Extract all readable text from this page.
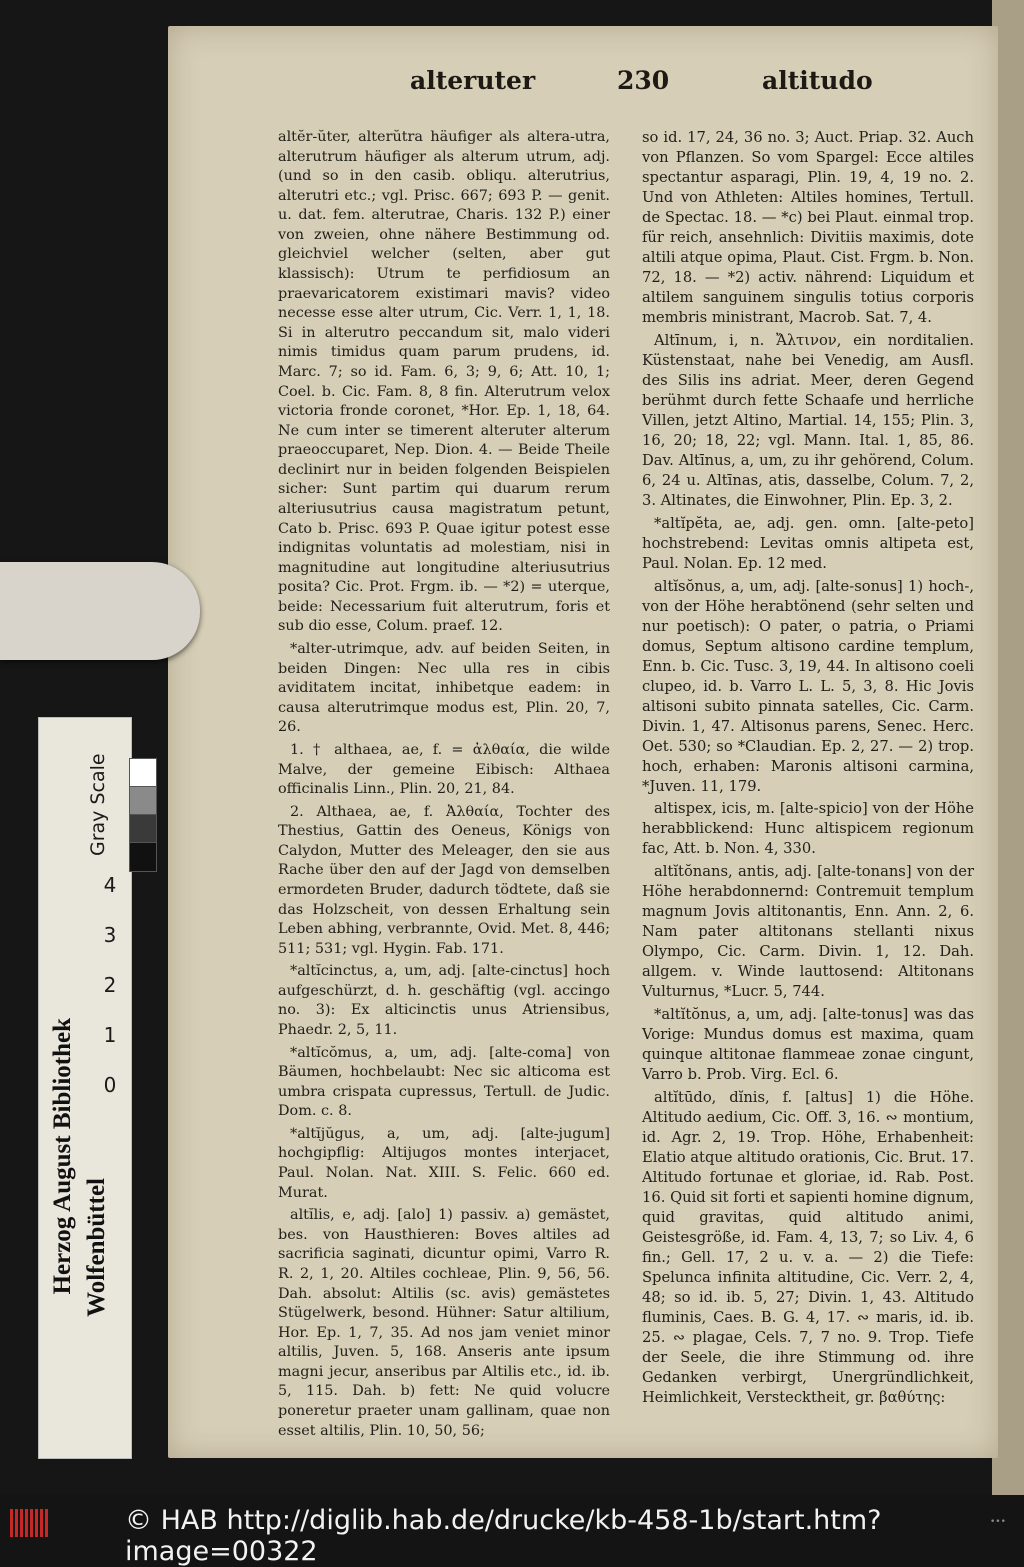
alteruter	230	altitudo

altĕr-ŭter, alterŭtra häufiger als altera-utra, alterutrum häufiger als alterum utrum, adj. (und so in den casib. obliqu. alterutrius, alterutri etc.; vgl. Prisc. 667; 693 P. — genit. u. dat. fem. alterutrae, Charis. 132 P.) einer von zweien, ohne nähere Bestimmung od. gleichviel welcher (selten, aber gut klassisch): Utrum te perfidiosum an praevaricatorem existimari mavis? video necesse esse alter utrum, Cic. Verr. 1, 1, 18. Si in alterutro peccandum sit, malo videri nimis timidus quam parum prudens, id. Marc. 7; so id. Fam. 6, 3; 9, 6; Att. 10, 1; Coel. b. Cic. Fam. 8, 8 fin. Alterutrum velox victoria fronde coronet, *Hor. Ep. 1, 18, 64. Ne cum inter se timerent alteruter alterum praeoccuparet, Nep. Dion. 4. — Beide Theile declinirt nur in beiden folgenden Beispielen sicher: Sunt partim qui duarum rerum alteriusutrius causa magistratum petunt, Cato b. Prisc. 693 P. Quae igitur potest esse indignitas voluntatis ad molestiam, nisi in magnitudine aut longitudine alteriusutrius posita? Cic. Prot. Frgm. ib. — *2) = uterque, beide: Necessarium fuit alterutrum, foris et sub dio esse, Colum. praef. 12.

*alter-utrimque, adv. auf beiden Seiten, in beiden Dingen: Nec ulla res in cibis aviditatem incitat, inhibetque eadem: in causa alterutrimque modus est, Plin. 20, 7, 26.

1. † althaea, ae, f. = ἀλθαία, die wilde Malve, der gemeine Eibisch: Althaea officinalis Linn., Plin. 20, 21, 84.

2. Althaea, ae, f. Ἀλθαία, Tochter des Thestius, Gattin des Oeneus, Königs von Calydon, Mutter des Meleager, den sie aus Rache über den auf der Jagd von demselben ermordeten Bruder, dadurch tödtete, daß sie das Holzscheit, von dessen Erhaltung sein Leben abhing, verbrannte, Ovid. Met. 8, 446; 511; 531; vgl. Hygin. Fab. 171.

*altĭcinctus, a, um, adj. [alte-cinctus] hoch aufgeschürzt, d. h. geschäftig (vgl. accingo no. 3): Ex alticinctis unus Atriensibus, Phaedr. 2, 5, 11.

*altĭcŏmus, a, um, adj. [alte-coma] von Bäumen, hochbelaubt: Nec sic alticoma est umbra crispata cupressus, Tertull. de Judic. Dom. c. 8.

*altĭjŭgus, a, um, adj. [alte-jugum] hochgipflig: Altijugos montes interjacet, Paul. Nolan. Nat. XIII. S. Felic. 660 ed. Murat.

altĭlis, e, adj. [alo] 1) passiv. a) gemästet, bes. von Hausthieren: Boves altiles ad sacrificia saginati, dicuntur opimi, Varro R. R. 2, 1, 20. Altiles cochleae, Plin. 9, 56, 56. Dah. absolut: Altilis (sc. avis) gemästetes Stügelwerk, besond. Hühner: Satur altilium, Hor. Ep. 1, 7, 35. Ad nos jam veniet minor altilis, Juven. 5, 168. Anseris ante ipsum magni jecur, anseribus par Altilis etc., id. ib. 5, 115. Dah. b) fett: Ne quid volucre poneretur praeter unam gallinam, quae non esset altilis, Plin. 10, 50, 56;

so id. 17, 24, 36 no. 3; Auct. Priap. 32. Auch von Pflanzen. So vom Spargel: Ecce altiles spectantur asparagi, Plin. 19, 4, 19 no. 2. Und von Athleten: Altiles homines, Tertull. de Spectac. 18. — *c) bei Plaut. einmal trop. für reich, ansehnlich: Divitiis maximis, dote altili atque opima, Plaut. Cist. Frgm. b. Non. 72, 18. — *2) activ. nährend: Liquidum et altilem sanguinem singulis totius corporis membris ministrant, Macrob. Sat. 7, 4.

Altīnum, i, n. Ἄλτινον, ein norditalien. Küstenstaat, nahe bei Venedig, am Ausfl. des Silis ins adriat. Meer, deren Gegend berühmt durch fette Schaafe und herrliche Villen, jetzt Altino, Martial. 14, 155; Plin. 3, 16, 20; 18, 22; vgl. Mann. Ital. 1, 85, 86. Dav. Altīnus, a, um, zu ihr gehörend, Colum. 6, 24 u. Altīnas, atis, dasselbe, Colum. 7, 2, 3. Altinates, die Einwohner, Plin. Ep. 3, 2.

*altĭpĕta, ae, adj. gen. omn. [alte-peto] hochstrebend: Levitas omnis altipeta est, Paul. Nolan. Ep. 12 med.

altĭsŏnus, a, um, adj. [alte-sonus] 1) hoch-, von der Höhe herabtönend (sehr selten und nur poetisch): O pater, o patria, o Priami domus, Septum altisono cardine templum, Enn. b. Cic. Tusc. 3, 19, 44. In altisono coeli clupeo, id. b. Varro L. L. 5, 3, 8. Hic Jovis altisoni subito pinnata satelles, Cic. Carm. Divin. 1, 47. Altisonus parens, Senec. Herc. Oet. 530; so *Claudian. Ep. 2, 27. — 2) trop. hoch, erhaben: Maronis altisoni carmina, *Juven. 11, 179.

altispex, icis, m. [alte-spicio] von der Höhe herabblickend: Hunc altispicem regionum fac, Att. b. Non. 4, 330.

altĭtŏnans, antis, adj. [alte-tonans] von der Höhe herabdonnernd: Contremuit templum magnum Jovis altitonantis, Enn. Ann. 2, 6. Nam pater altitonans stellanti nixus Olympo, Cic. Carm. Divin. 1, 12. Dah. allgem. v. Winde lauttosend: Altitonans Vulturnus, *Lucr. 5, 744.

*altĭtŏnus, a, um, adj. [alte-tonus] was das Vorige: Mundus domus est maxima, quam quinque altitonae flammeae zonae cingunt, Varro b. Prob. Virg. Ecl. 6.

altĭtūdo, dĭnis, f. [altus] 1) die Höhe. Altitudo aedium, Cic. Off. 3, 16. ∾ montium, id. Agr. 2, 19. Trop. Höhe, Erhabenheit: Elatio atque altitudo orationis, Cic. Brut. 17. Altitudo fortunae et gloriae, id. Rab. Post. 16. Quid sit forti et sapienti homine dignum, quid gravitas, quid altitudo animi, Geistesgröße, id. Fam. 4, 13, 7; so Liv. 4, 6 fin.; Gell. 17, 2 u. v. a. — 2) die Tiefe: Spelunca infinita altitudine, Cic. Verr. 2, 4, 48; so id. ib. 5, 27; Divin. 1, 43. Altitudo fluminis, Caes. B. G. 4, 17. ∾ maris, id. ib. 25. ∾ plagae, Cels. 7, 7 no. 9. Trop. Tiefe der Seele, die ihre Stimmung od. ihre Gedanken verbirgt, Unergründlichkeit, Heimlichkeit, Verstecktheit, gr. βαθύτης:

Herzog August Bibliothek Wolfenbüttel
Gray Scale
4
3
2
1
0
© HAB http://diglib.hab.de/drucke/kb-458-1b/start.htm?image=00322
•••
